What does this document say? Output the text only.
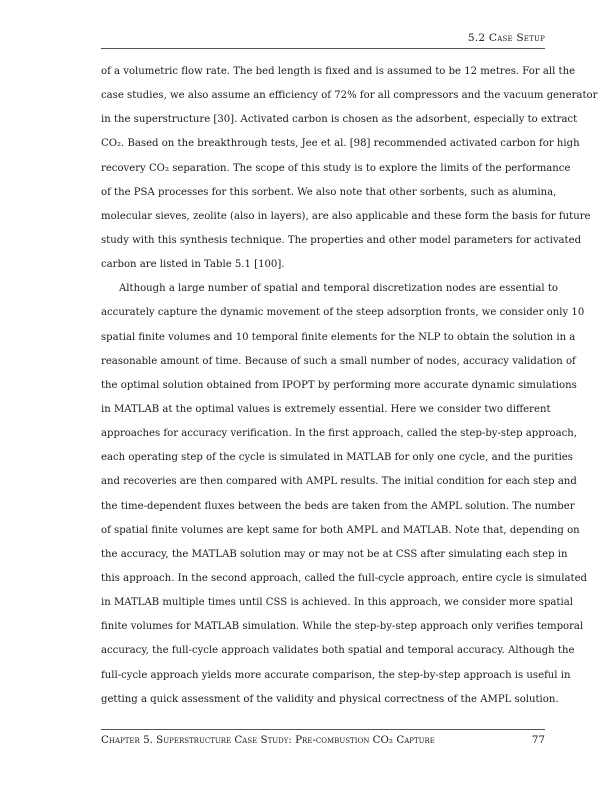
5.2 Case Setup

of a volumetric flow rate. The bed length is fixed and is assumed to be 12 metres. For all the
case studies, we also assume an efficiency of 72% for all compressors and the vacuum generator
in the superstructure [30]. Activated carbon is chosen as the adsorbent, especially to extract
CO₂. Based on the breakthrough tests, Jee et al. [98] recommended activated carbon for high
recovery CO₂ separation. The scope of this study is to explore the limits of the performance
of the PSA processes for this sorbent. We also note that other sorbents, such as alumina,
molecular sieves, zeolite (also in layers), are also applicable and these form the basis for future
study with this synthesis technique. The properties and other model parameters for activated
carbon are listed in Table 5.1 [100].

Although a large number of spatial and temporal discretization nodes are essential to
accurately capture the dynamic movement of the steep adsorption fronts, we consider only 10
spatial finite volumes and 10 temporal finite elements for the NLP to obtain the solution in a
reasonable amount of time. Because of such a small number of nodes, accuracy validation of
the optimal solution obtained from IPOPT by performing more accurate dynamic simulations
in MATLAB at the optimal values is extremely essential. Here we consider two different
approaches for accuracy verification. In the first approach, called the step-by-step approach,
each operating step of the cycle is simulated in MATLAB for only one cycle, and the purities
and recoveries are then compared with AMPL results. The initial condition for each step and
the time-dependent fluxes between the beds are taken from the AMPL solution. The number
of spatial finite volumes are kept same for both AMPL and MATLAB. Note that, depending on
the accuracy, the MATLAB solution may or may not be at CSS after simulating each step in
this approach. In the second approach, called the full-cycle approach, entire cycle is simulated
in MATLAB multiple times until CSS is achieved. In this approach, we consider more spatial
finite volumes for MATLAB simulation. While the step-by-step approach only verifies temporal
accuracy, the full-cycle approach validates both spatial and temporal accuracy. Although the
full-cycle approach yields more accurate comparison, the step-by-step approach is useful in
getting a quick assessment of the validity and physical correctness of the AMPL solution.

Chapter 5. Superstructure Case Study: Pre-combustion CO₂ Capture	77
